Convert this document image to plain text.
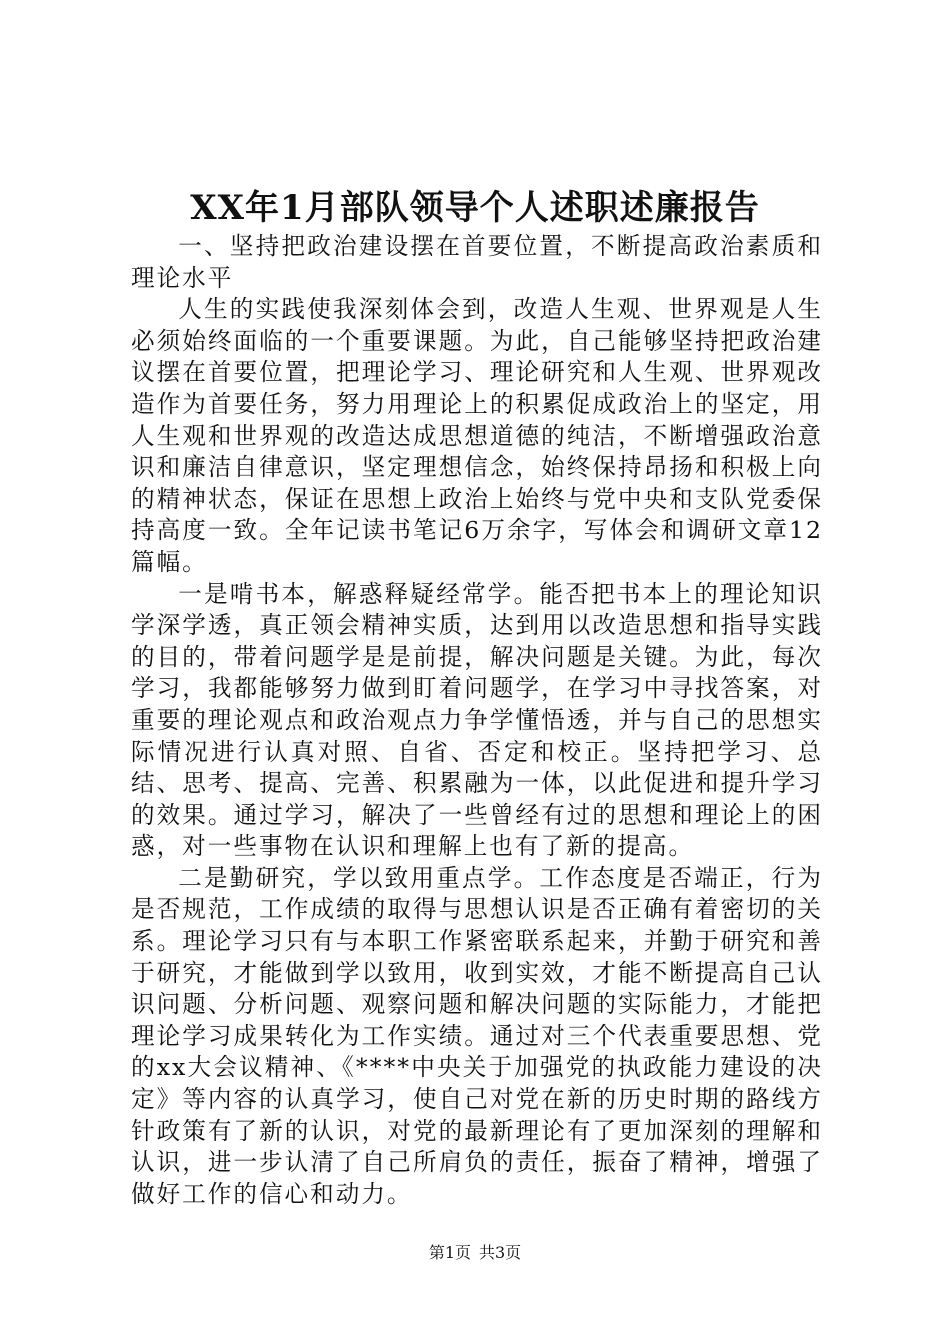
XX年1月部队领导个人述职述廉报告

一、坚持把政治建设摆在首要位置，不断提高政治素质和理论水平

人生的实践使我深刻体会到，改造人生观、世界观是人生必须始终面临的一个重要课题。为此，自己能够坚持把政治建议摆在首要位置，把理论学习、理论研究和人生观、世界观改造作为首要任务，努力用理论上的积累促成政治上的坚定，用人生观和世界观的改造达成思想道德的纯洁，不断增强政治意识和廉洁自律意识，坚定理想信念，始终保持昂扬和积极上向的精神状态，保证在思想上政治上始终与党中央和支队党委保持高度一致。全年记读书笔记6万余字，写体会和调研文章12篇幅。

一是啃书本，解惑释疑经常学。能否把书本上的理论知识学深学透，真正领会精神实质，达到用以改造思想和指导实践的目的，带着问题学是是前提，解决问题是关键。为此，每次学习，我都能够努力做到盯着问题学，在学习中寻找答案，对重要的理论观点和政治观点力争学懂悟透，并与自己的思想实际情况进行认真对照、自省、否定和校正。坚持把学习、总结、思考、提高、完善、积累融为一体，以此促进和提升学习的效果。通过学习，解决了一些曾经有过的思想和理论上的困惑，对一些事物在认识和理解上也有了新的提高。

二是勤研究，学以致用重点学。工作态度是否端正，行为是否规范，工作成绩的取得与思想认识是否正确有着密切的关系。理论学习只有与本职工作紧密联系起来，并勤于研究和善于研究，才能做到学以致用，收到实效，才能不断提高自己认识问题、分析问题、观察问题和解决问题的实际能力，才能把理论学习成果转化为工作实绩。通过对三个代表重要思想、党的xx大会议精神、《****中央关于加强党的执政能力建设的决定》等内容的认真学习，使自己对党在新的历史时期的路线方针政策有了新的认识，对党的最新理论有了更加深刻的理解和认识，进一步认清了自己所肩负的责任，振奋了精神，增强了做好工作的信心和动力。

第1页 共3页
